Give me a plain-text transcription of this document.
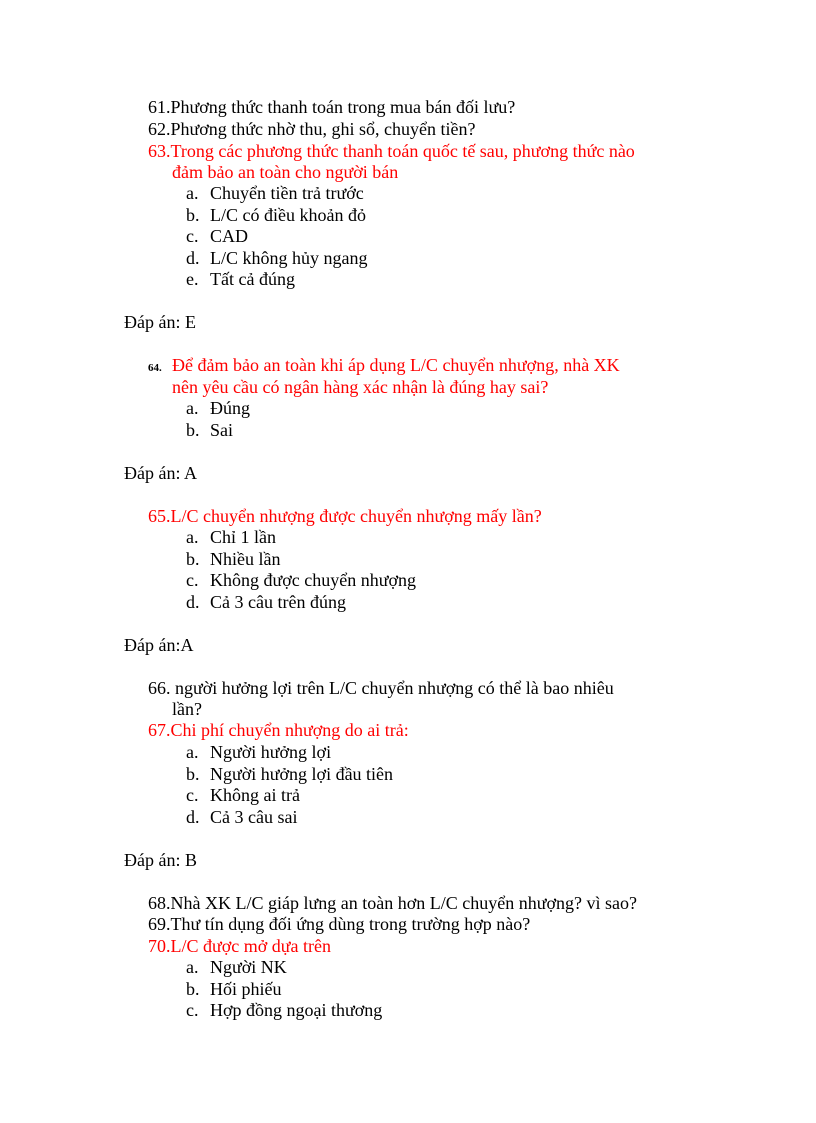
61.Phương thức thanh toán trong mua bán đối lưu?
62.Phương thức nhờ thu, ghi sổ, chuyển tiền?
63.Trong các phương thức thanh toán quốc tế sau, phương thức nào
đảm bảo an toàn cho người bán
a. Chuyển tiền trả trước
b. L/C có điều khoản đỏ
c. CAD
d. L/C không hủy ngang
e. Tất cả đúng
Đáp án: E
64. Để đảm bảo an toàn khi áp dụng L/C chuyển nhượng, nhà XK
nên yêu cầu có ngân hàng xác nhận là đúng hay sai?
a. Đúng
b. Sai
Đáp án: A
65.L/C chuyển nhượng được chuyển nhượng mấy lần?
a. Chỉ 1 lần
b. Nhiều lần
c. Không được chuyển nhượng
d. Cả 3 câu trên đúng
Đáp án:A
66. người hưởng lợi trên L/C chuyển nhượng có thể là bao nhiêu
lần?
67.Chi phí chuyển nhượng do ai trả:
a. Người hưởng lợi
b. Người hưởng lợi đầu tiên
c. Không ai trả
d. Cả 3 câu sai
Đáp án: B
68.Nhà XK L/C giáp lưng an toàn hơn L/C chuyển nhượng? vì sao?
69.Thư tín dụng đối ứng dùng trong trường hợp nào?
70.L/C được mở dựa trên
a. Người NK
b. Hối phiếu
c. Hợp đồng ngoại thương
